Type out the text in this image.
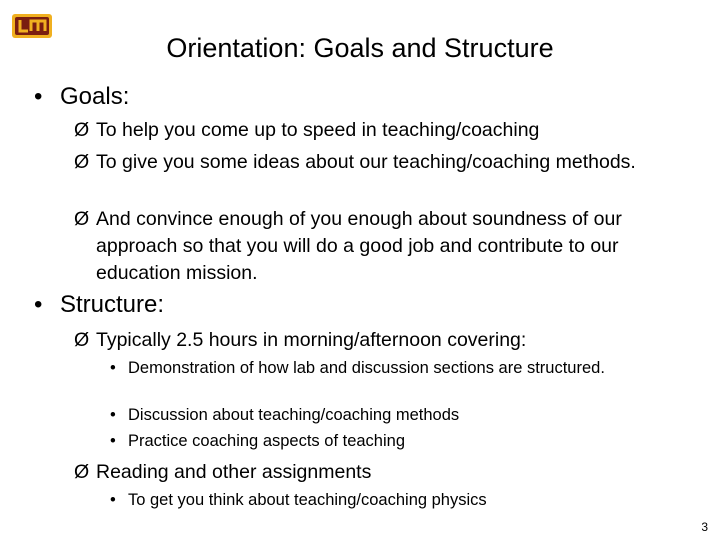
Orientation: Goals and Structure
• Goals:
Ø To help you come up to speed in teaching/coaching
Ø To give you some ideas about our teaching/coaching methods.
Ø And convince enough of you enough about soundness of our approach so that you will do a good job and contribute to our education mission.
• Structure:
Ø Typically 2.5 hours in morning/afternoon covering:
• Demonstration of how lab and discussion sections are structured.
• Discussion about teaching/coaching methods
• Practice coaching aspects of teaching
Ø Reading and other assignments
• To get you think about teaching/coaching physics
3
